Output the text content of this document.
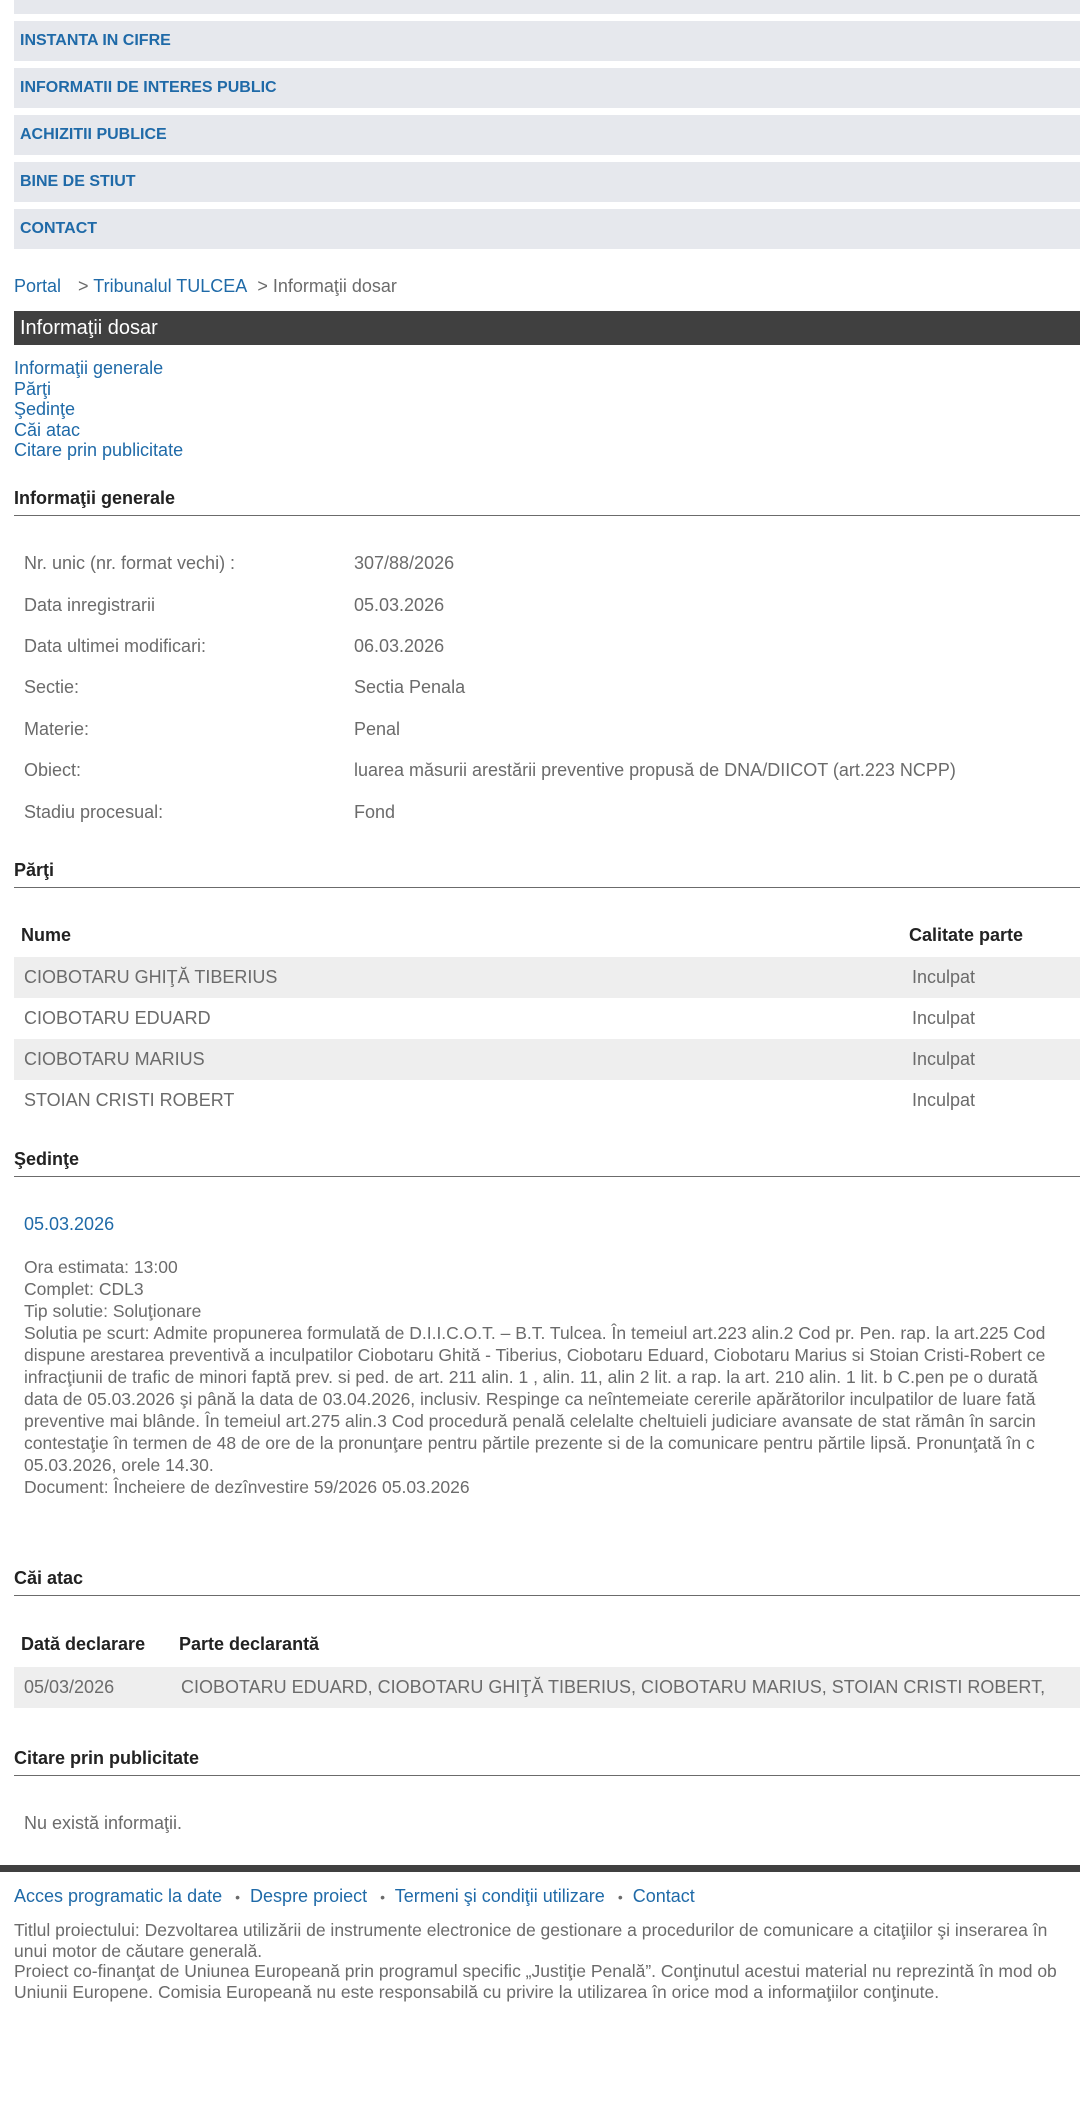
INSTANTA IN CIFRE
INFORMATII DE INTERES PUBLIC
ACHIZITII PUBLICE
BINE DE STIUT
CONTACT
Portal > Tribunalul TULCEA > Informaţii dosar
Informaţii dosar
Informaţii generale
Părţi
Şedinţe
Căi atac
Citare prin publicitate
Informaţii generale
Nr. unic (nr. format vechi) :	307/88/2026
Data inregistrarii	05.03.2026
Data ultimei modificari:	06.03.2026
Sectie:	Sectia Penala
Materie:	Penal
Obiect:	luarea măsurii arestării preventive propusă de DNA/DIICOT (art.223 NCPP)
Stadiu procesual:	Fond
Părţi
Nume	Calitate parte
CIOBOTARU GHIŢĂ TIBERIUS	Inculpat
CIOBOTARU EDUARD	Inculpat
CIOBOTARU MARIUS	Inculpat
STOIAN CRISTI ROBERT	Inculpat
Şedinţe
05.03.2026
Ora estimata: 13:00
Complet: CDL3
Tip solutie: Soluţionare
Solutia pe scurt: Admite propunerea formulată de D.I.I.C.O.T. – B.T. Tulcea. În temeiul art.223 alin.2 Cod pr. Pen. rap. la art.225 Cod
dispune arestarea preventivă a inculpatilor Ciobotaru Ghită - Tiberius, Ciobotaru Eduard, Ciobotaru Marius si Stoian Cristi-Robert ce
infracţiunii de trafic de minori faptă prev. si ped. de art. 211 alin. 1 , alin. 11, alin 2 lit. a rap. la art. 210 alin. 1 lit. b C.pen pe o durată
data de 05.03.2026 şi până la data de 03.04.2026, inclusiv. Respinge ca neîntemeiate cererile apărătorilor inculpatilor de luare fată
preventive mai blânde. În temeiul art.275 alin.3 Cod procedură penală celelalte cheltuieli judiciare avansate de stat rămân în sarcin
contestaţie în termen de 48 de ore de la pronunţare pentru părtile prezente si de la comunicare pentru părtile lipsă. Pronunţată în c
05.03.2026, orele 14.30.
Document: Încheiere de dezînvestire 59/2026 05.03.2026
Căi atac
Dată declarare Parte declarantă
05/03/2026	CIOBOTARU EDUARD, CIOBOTARU GHIŢĂ TIBERIUS, CIOBOTARU MARIUS, STOIAN CRISTI ROBERT,
Citare prin publicitate
Nu există informaţii.
Acces programatic la date • Despre proiect • Termeni şi condiţii utilizare • Contact
Titlul proiectului: Dezvoltarea utilizării de instrumente electronice de gestionare a procedurilor de comunicare a citaţiilor şi inserarea în
unui motor de căutare generală.
Proiect co-finanţat de Uniunea Europeană prin programul specific „Justiţie Penală”. Conţinutul acestui material nu reprezintă în mod ob
Uniunii Europene. Comisia Europeană nu este responsabilă cu privire la utilizarea în orice mod a informaţiilor conţinute.
